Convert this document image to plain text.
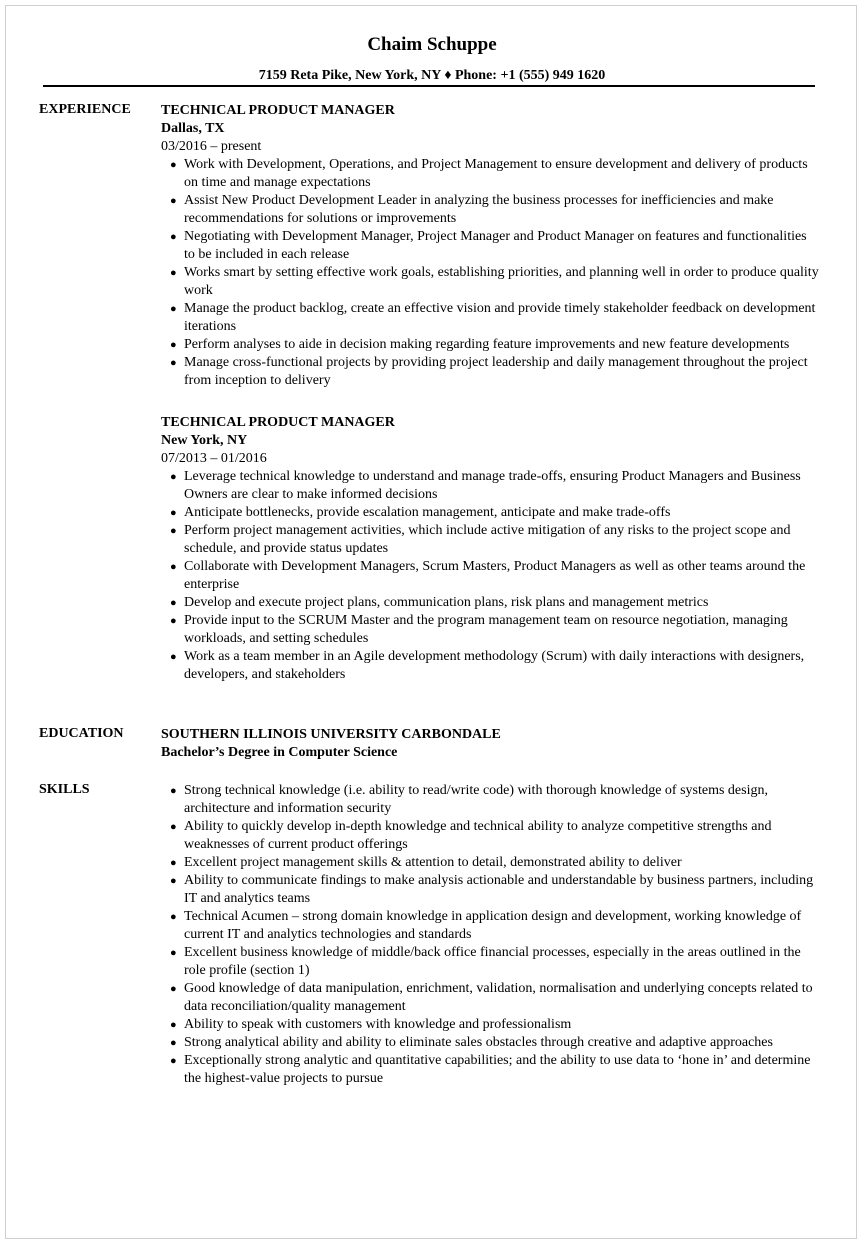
Chaim Schuppe
7159 Reta Pike, New York, NY ♦ Phone: +1 (555) 949 1620
EXPERIENCE TECHNICAL PRODUCT MANAGER
Dallas, TX
03/2016 – present
● Work with Development, Operations, and Project Management to ensure development and delivery of products on time and manage expectations
● Assist New Product Development Leader in analyzing the business processes for inefficiencies and make recommendations for solutions or improvements
● Negotiating with Development Manager, Project Manager and Product Manager on features and functionalities to be included in each release
● Works smart by setting effective work goals, establishing priorities, and planning well in order to produce quality work
● Manage the product backlog, create an effective vision and provide timely stakeholder feedback on development iterations
● Perform analyses to aide in decision making regarding feature improvements and new feature developments
● Manage cross-functional projects by providing project leadership and daily management throughout the project from inception to delivery
TECHNICAL PRODUCT MANAGER
New York, NY
07/2013 – 01/2016
● Leverage technical knowledge to understand and manage trade-offs, ensuring Product Managers and Business Owners are clear to make informed decisions
● Anticipate bottlenecks, provide escalation management, anticipate and make trade-offs
● Perform project management activities, which include active mitigation of any risks to the project scope and schedule, and provide status updates
● Collaborate with Development Managers, Scrum Masters, Product Managers as well as other teams around the enterprise
● Develop and execute project plans, communication plans, risk plans and management metrics
● Provide input to the SCRUM Master and the program management team on resource negotiation, managing workloads, and setting schedules
● Work as a team member in an Agile development methodology (Scrum) with daily interactions with designers, developers, and stakeholders
EDUCATION	SOUTHERN ILLINOIS UNIVERSITY CARBONDALE
Bachelor’s Degree in Computer Science
SKILLS	● Strong technical knowledge (i.e. ability to read/write code) with thorough knowledge of systems design, architecture and information security
● Ability to quickly develop in-depth knowledge and technical ability to analyze competitive strengths and weaknesses of current product offerings
● Excellent project management skills & attention to detail, demonstrated ability to deliver
● Ability to communicate findings to make analysis actionable and understandable by business partners, including IT and analytics teams
● Technical Acumen – strong domain knowledge in application design and development, working knowledge of current IT and analytics technologies and standards
● Excellent business knowledge of middle/back office financial processes, especially in the areas outlined in the role profile (section 1)
● Good knowledge of data manipulation, enrichment, validation, normalisation and underlying concepts related to data reconciliation/quality management
● Ability to speak with customers with knowledge and professionalism
● Strong analytical ability and ability to eliminate sales obstacles through creative and adaptive approaches
● Exceptionally strong analytic and quantitative capabilities; and the ability to use data to ‘hone in’ and determine the highest-value projects to pursue
